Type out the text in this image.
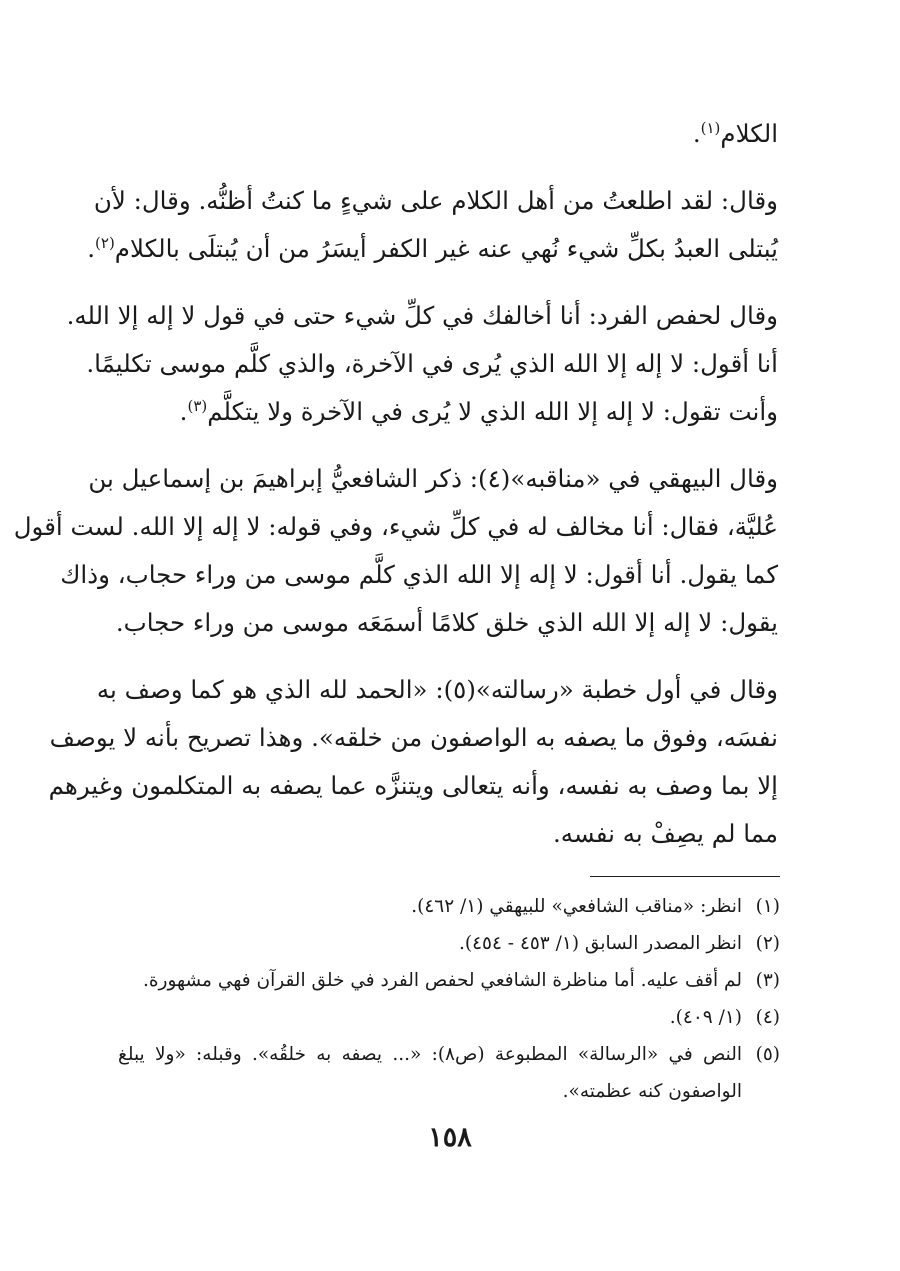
الكلام$^{(١)}$.

وقال: لقد اطلعتُ من أهل الكلام على شيءٍ ما كنتُ أظنُّه. وقال: لأن
يُبتلى العبدُ بكلِّ شيء نُهي عنه غير الكفر أيسَرُ من أن يُبتلَى بالكلام$^{(٢)}$.

وقال لحفص الفرد: أنا أخالفك في كلِّ شيء حتى في قول لا إله إلا الله.
أنا أقول: لا إله إلا الله الذي يُرى في الآخرة، والذي كلَّم موسى تكليمًا.
وأنت تقول: لا إله إلا الله الذي لا يُرى في الآخرة ولا يتكلَّم$^{(٣)}$.

وقال البيهقي في «مناقبه»(٤): ذكر الشافعيُّ إبراهيمَ بن إسماعيل بن
عُليَّة، فقال: أنا مخالف له في كلِّ شيء، وفي قوله: لا إله إلا الله. لست أقول
كما يقول. أنا أقول: لا إله إلا الله الذي كلَّم موسى من وراء حجاب، وذاك
يقول: لا إله إلا الله الذي خلق كلامًا أسمَعَه موسى من وراء حجاب.

وقال في أول خطبة «رسالته»(٥): «الحمد لله الذي هو كما وصف به
نفسَه، وفوق ما يصفه به الواصفون من خلقه». وهذا تصريح بأنه لا يوصف
إلا بما وصف به نفسه، وأنه يتعالى ويتنزَّه عما يصفه به المتكلمون وغيرهم
مما لم يصِفْ به نفسه.

(١)
انظر: «مناقب الشافعي» للبيهقي (١/ ٤٦٢).
(٢)
انظر المصدر السابق (١/ ٤٥٣ - ٤٥٤).
(٣)
لم أقف عليه. أما مناظرة الشافعي لحفص الفرد في خلق القرآن فهي مشهورة.
(٤)
(١/ ٤٠٩).
(٥)
النص في «الرسالة» المطبوعة (ص٨): «... يصفه به خلقُه». وقبله: «ولا يبلغ الواصفون كنه عظمته».
١٥٨
